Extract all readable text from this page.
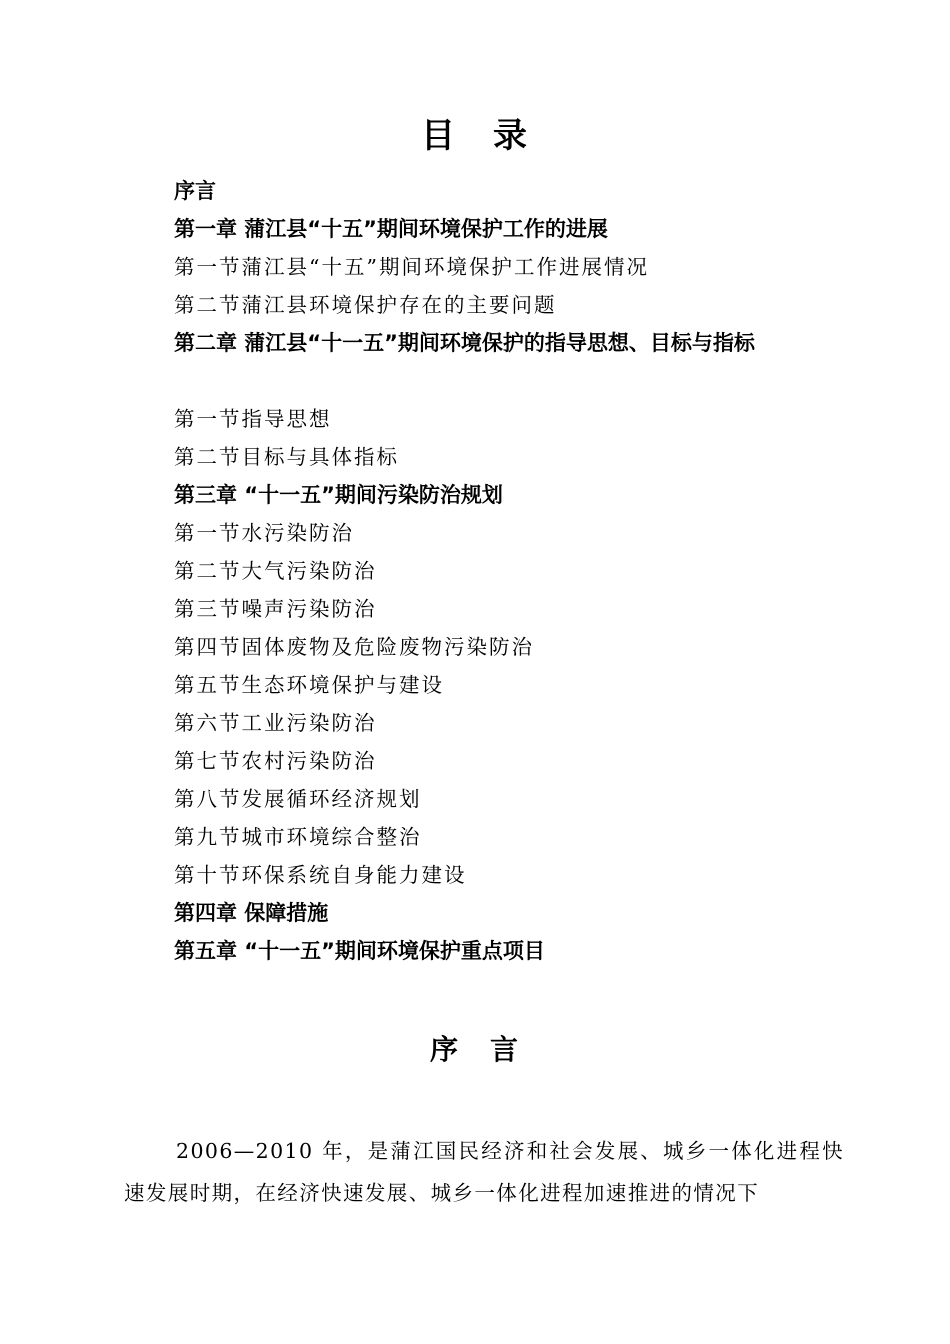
目　录
序言
第一章 蒲江县“十五”期间环境保护工作的进展
第一节蒲江县“十五”期间环境保护工作进展情况
第二节蒲江县环境保护存在的主要问题
第二章 蒲江县“十一五”期间环境保护的指导思想、目标与指标
第一节指导思想
第二节目标与具体指标
第三章 “十一五”期间污染防治规划
第一节水污染防治
第二节大气污染防治
第三节噪声污染防治
第四节固体废物及危险废物污染防治
第五节生态环境保护与建设
第六节工业污染防治
第七节农村污染防治
第八节发展循环经济规划
第九节城市环境综合整治
第十节环保系统自身能力建设
第四章 保障措施
第五章 “十一五”期间环境保护重点项目
序　言

2006—2010 年，是蒲江国民经济和社会发展、城乡一体化进程快速发展时期，在经济快速发展、城乡一体化进程加速推进的情况下
